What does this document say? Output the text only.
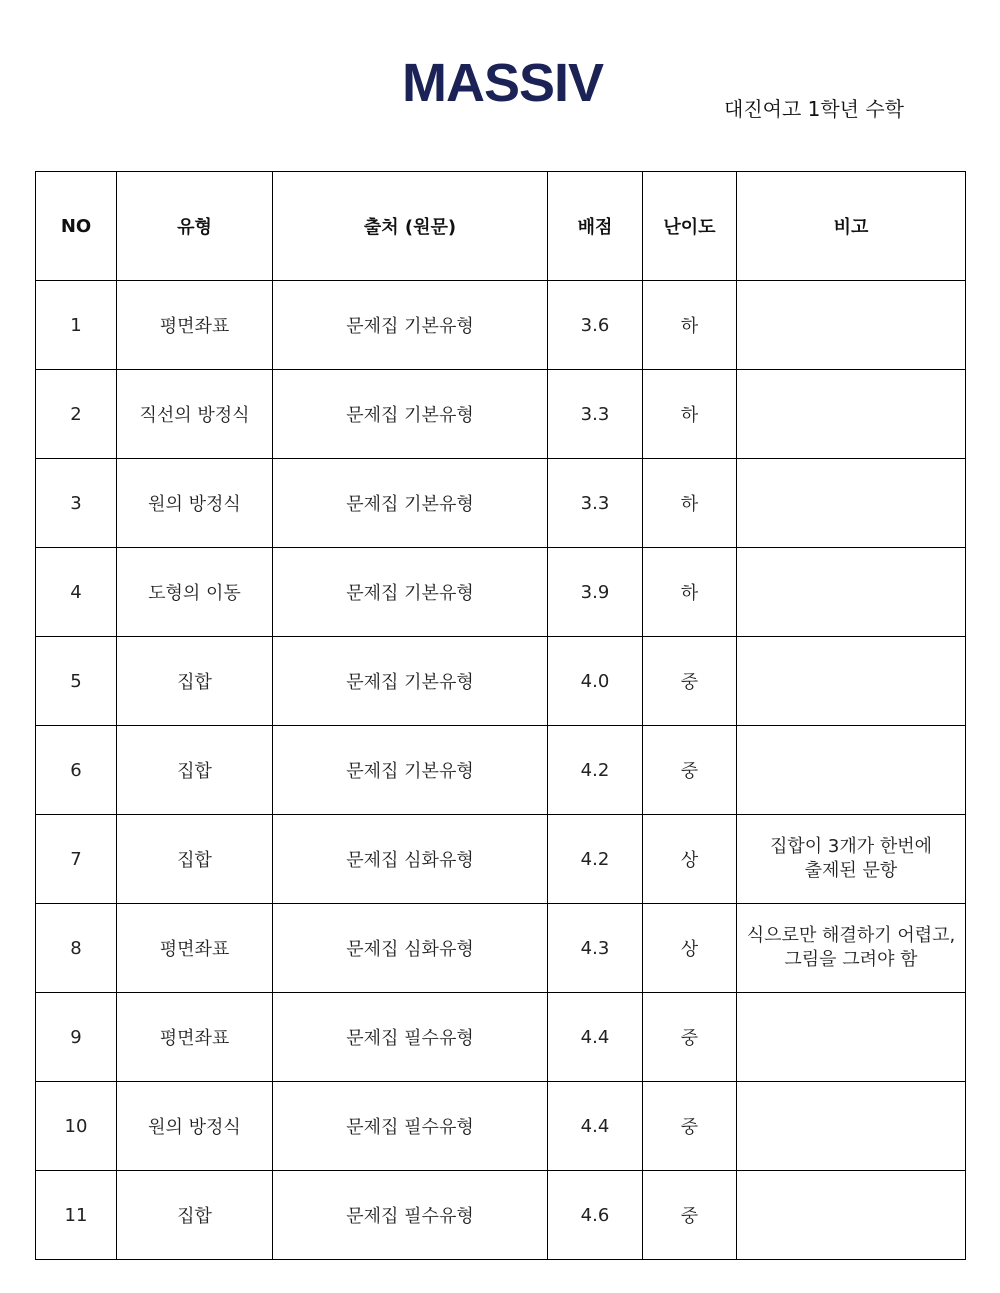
MASSIV	대진여고 1학년 수학
NO	유형	출처 (원문)	배점	난이도	비고
1	평면좌표	문제집 기본유형	3.6	하	

2	직선의 방정식	문제집 기본유형	3.3	하	

3	원의 방정식	문제집 기본유형	3.3	하	

4	도형의 이동	문제집 기본유형	3.9	하	

5	집합	문제집 기본유형	4.0	중	

6	집합	문제집 기본유형	4.2	중	

7	집합	문제집 심화유형	4.2	상	집합이 3개가 한번에
출제된 문항

8	평면좌표	문제집 심화유형	4.3	상	식으로만 해결하기 어렵고,
그림을 그려야 함

9	평면좌표	문제집 필수유형	4.4	중	

10	원의 방정식	문제집 필수유형	4.4	중	

11	집합	문제집 필수유형	4.6	중	
